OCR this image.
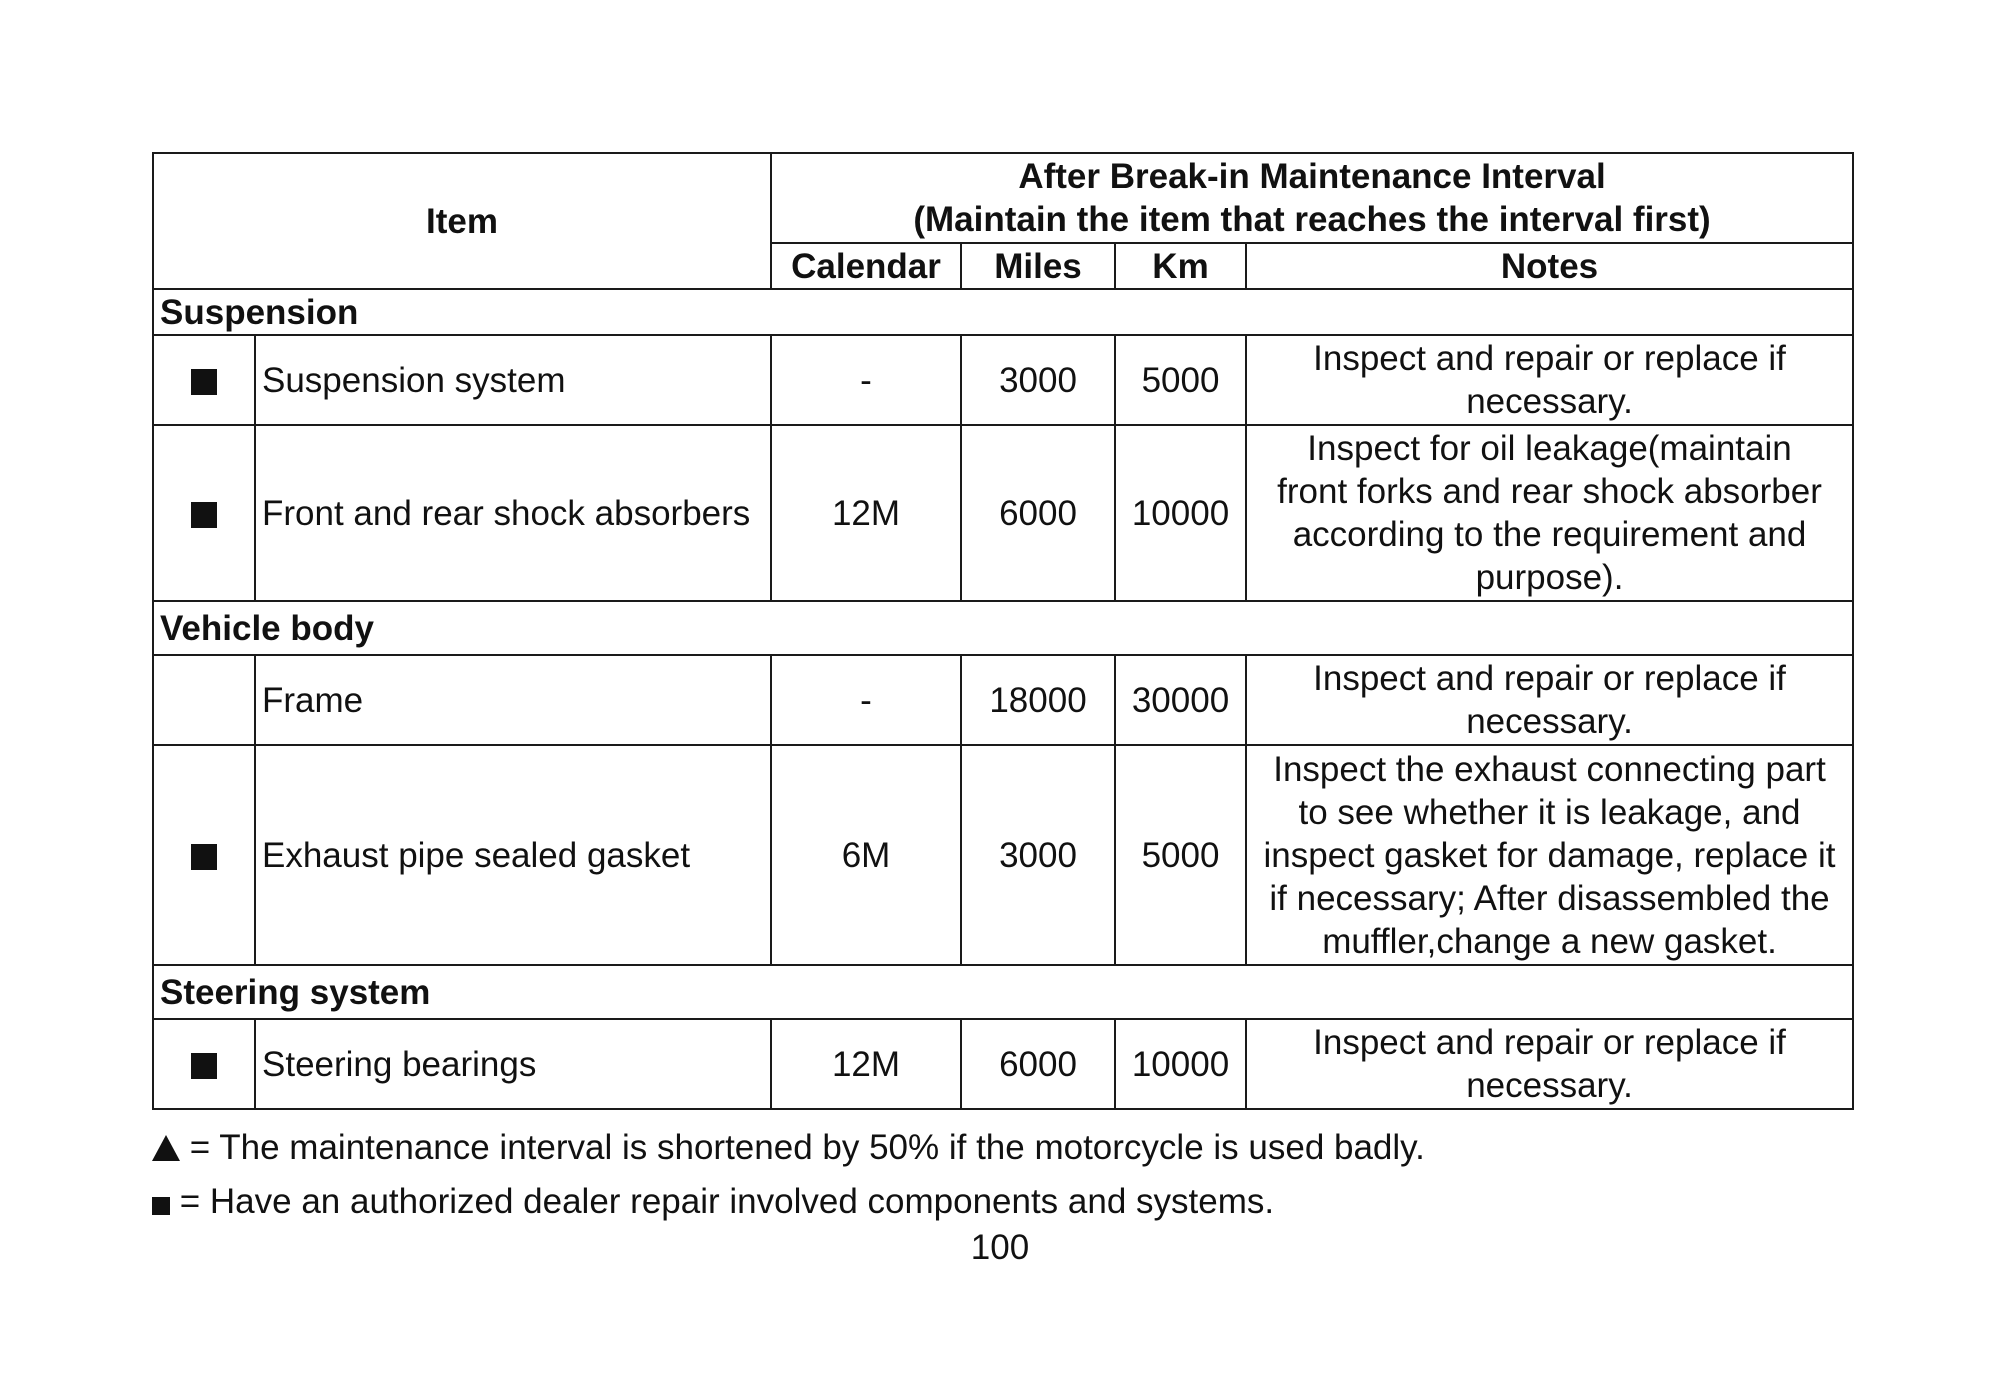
Item		After Break-in Maintenance Interval
(Maintain the item that reaches the interval first)			
		Calendar	Miles	Km	Notes
Suspension					
	Suspension system	-	3000	5000	Inspect and repair or replace if
necessary.
	Front and rear shock absorbers	12M	6000	10000	Inspect for oil leakage(maintain
front forks and rear shock absorber
according to the requirement and
purpose).
Vehicle body					
	Frame	-	18000	30000	Inspect and repair or replace if
necessary.
	Exhaust pipe sealed gasket	6M	3000	5000	Inspect the exhaust connecting part
to see whether it is leakage, and
inspect gasket for damage, replace it
if necessary; After disassembled the
muffler,change a new gasket.
Steering system					
	Steering bearings	12M	6000	10000	Inspect and repair or replace if
necessary.
= The maintenance interval is shortened by 50% if the motorcycle is used badly.
= Have an authorized dealer repair involved components and systems.
100
